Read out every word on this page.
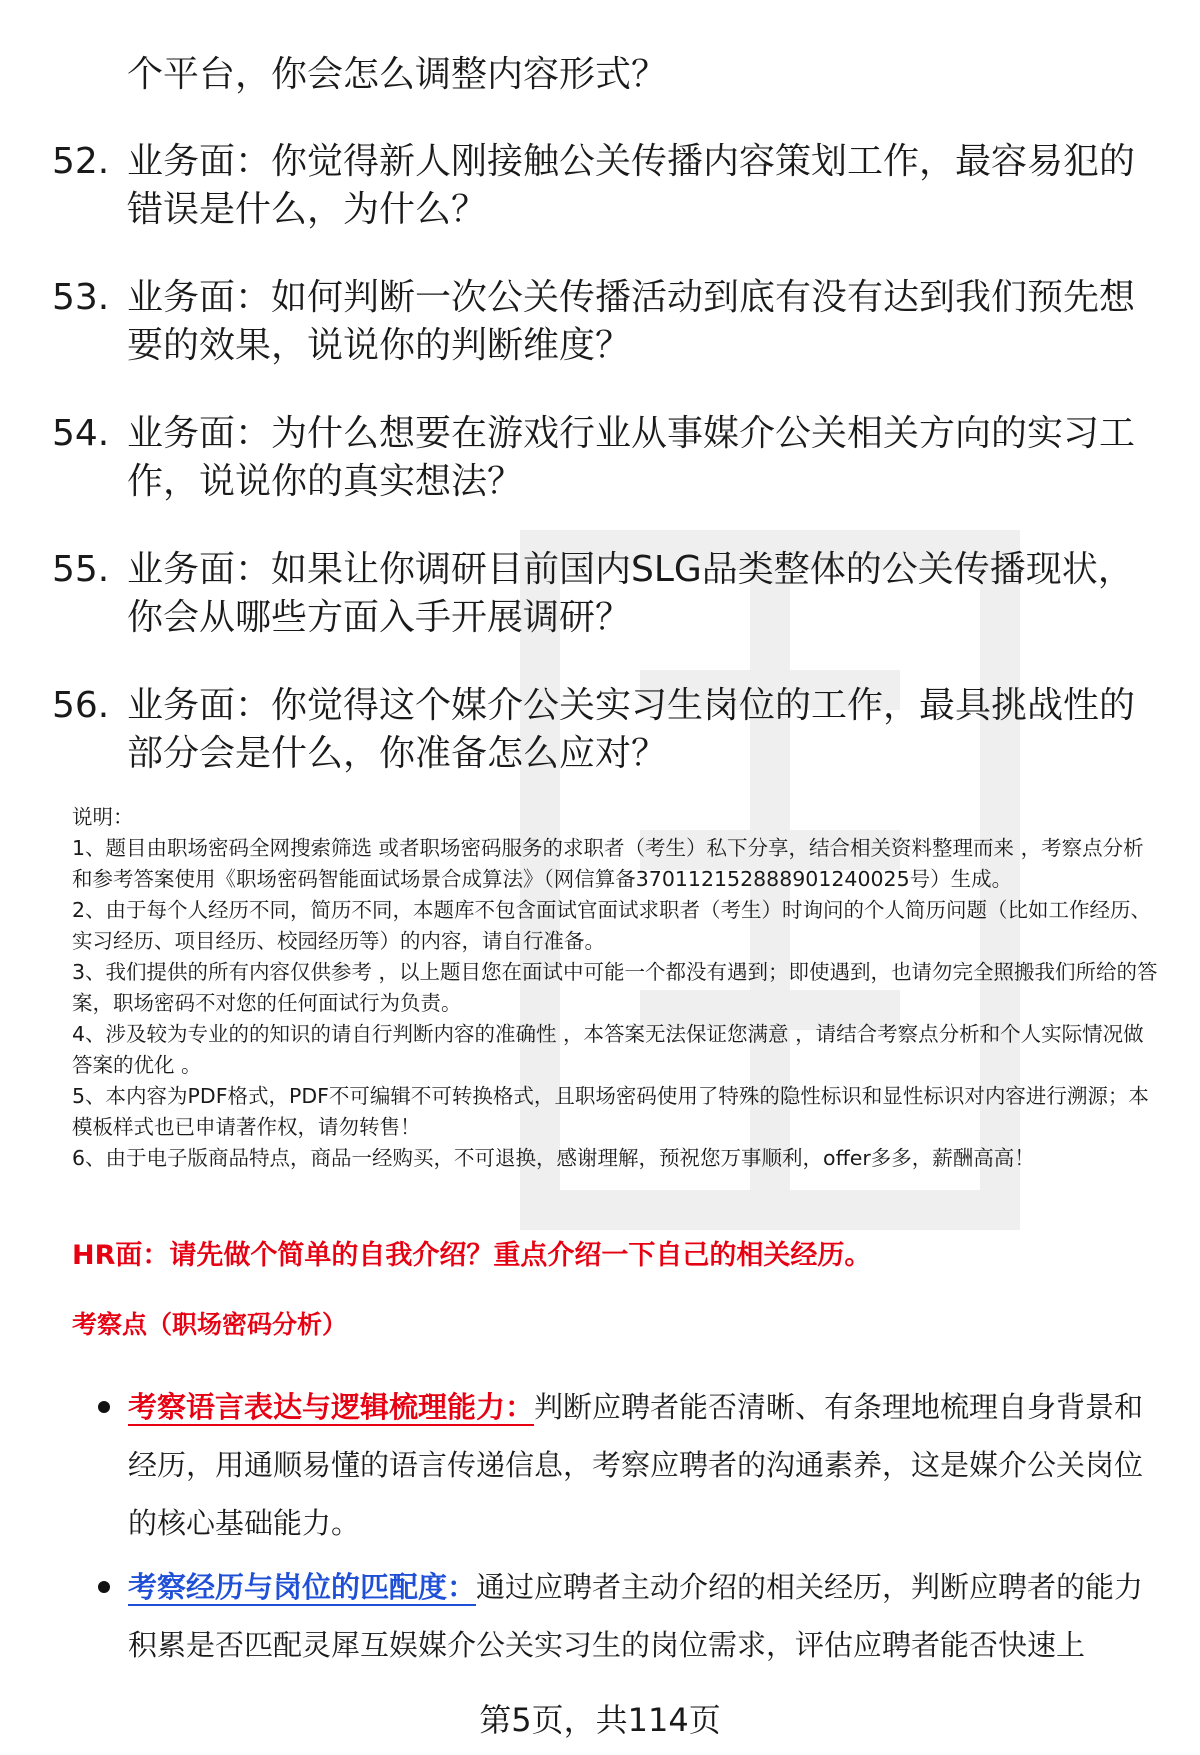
个平台，你会怎么调整内容形式？
52. 业务面：你觉得新人刚接触公关传播内容策划工作，最容易犯的错误是什么，为什么？
53. 业务面：如何判断一次公关传播活动到底有没有达到我们预先想要的效果，说说你的判断维度？
54. 业务面：为什么想要在游戏行业从事媒介公关相关方向的实习工作，说说你的真实想法？
55. 业务面：如果让你调研目前国内SLG品类整体的公关传播现状，你会从哪些方面入手开展调研？
56. 业务面：你觉得这个媒介公关实习生岗位的工作，最具挑战性的部分会是什么，你准备怎么应对？

说明：

1、题目由职场密码全网搜索筛选 或者职场密码服务的求职者（考生）私下分享，结合相关资料整理而来 ，考察点分析和参考答案使用《职场密码智能面试场景合成算法》（网信算备370112152888901240025号）生成。

2、由于每个人经历不同，简历不同，本题库不包含面试官面试求职者（考生）时询问的个人简历问题（比如工作经历、实习经历、项目经历、校园经历等）的内容，请自行准备。

3、我们提供的所有内容仅供参考 ，以上题目您在面试中可能一个都没有遇到；即使遇到，也请勿完全照搬我们所给的答案，职场密码不对您的任何面试行为负责。

4、涉及较为专业的的知识的请自行判断内容的准确性 ，本答案无法保证您满意 ，请结合考察点分析和个人实际情况做答案的优化 。

5、本内容为PDF格式，PDF不可编辑不可转换格式，且职场密码使用了特殊的隐性标识和显性标识对内容进行溯源；本模板样式也已申请著作权，请勿转售！

6、由于电子版商品特点，商品一经购买，不可退换，感谢理解，预祝您万事顺利，offer多多，薪酬高高！

HR面：请先做个简单的自我介绍？重点介绍一下自己的相关经历。
考察点（职场密码分析）
考察语言表达与逻辑梳理能力：判断应聘者能否清晰、有条理地梳理自身背景和经历，用通顺易懂的语言传递信息，考察应聘者的沟通素养，这是媒介公关岗位的核心基础能力。
考察经历与岗位的匹配度：通过应聘者主动介绍的相关经历，判断应聘者的能力积累是否匹配灵犀互娱媒介公关实习生的岗位需求，评估应聘者能否快速上
第5页，共114页
